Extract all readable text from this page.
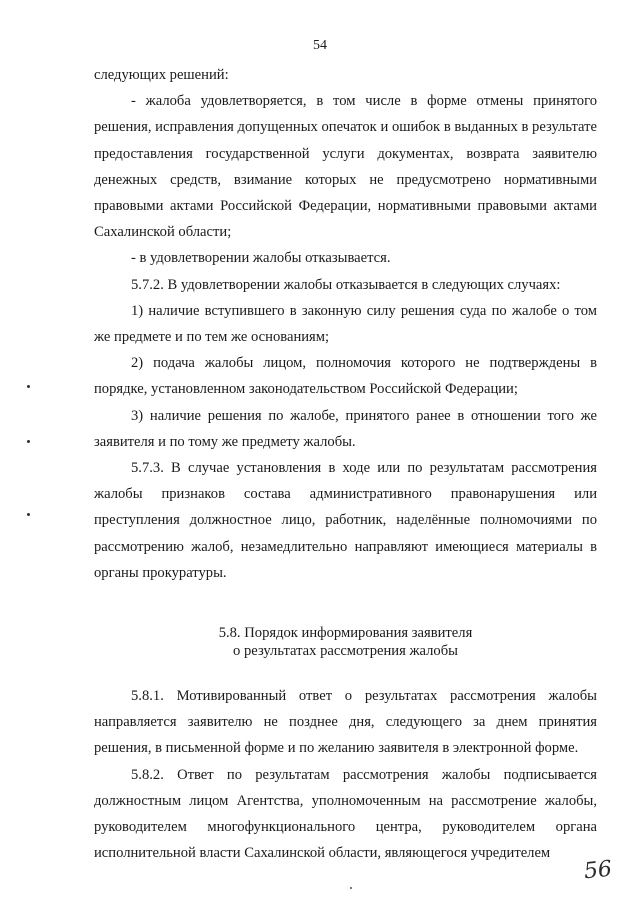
54

следующих решений:

- жалоба удовлетворяется, в том числе в форме отмены принятого решения, исправления допущенных опечаток и ошибок в выданных в результате предоставления государственной услуги документах, возврата заявителю денежных средств, взимание которых не предусмотрено нормативными правовыми актами Российской Федерации, нормативными правовыми актами Сахалинской области;

- в удовлетворении жалобы отказывается.

5.7.2. В удовлетворении жалобы отказывается в следующих случаях:

1) наличие вступившего в законную силу решения суда по жалобе о том же предмете и по тем же основаниям;

2) подача жалобы лицом, полномочия которого не подтверждены в порядке, установленном законодательством Российской Федерации;

3) наличие решения по жалобе, принятого ранее в отношении того же заявителя и по тому же предмету жалобы.

5.7.3. В случае установления в ходе или по результатам рассмотрения жалобы признаков состава административного правонарушения или преступления должностное лицо, работник, наделённые полномочиями по рассмотрению жалоб, незамедлительно направляют имеющиеся материалы в органы прокуратуры.

5.8. Порядок информирования заявителя
о результатах рассмотрения жалобы

5.8.1. Мотивированный ответ о результатах рассмотрения жалобы направляется заявителю не позднее дня, следующего за днем принятия решения, в письменной форме и по желанию заявителя в электронной форме.

5.8.2. Ответ по результатам рассмотрения жалобы подписывается должностным лицом Агентства, уполномоченным на рассмотрение жалобы, руководителем многофункционального центра, руководителем органа исполнительной власти Сахалинской области, являющегося учредителем

56
